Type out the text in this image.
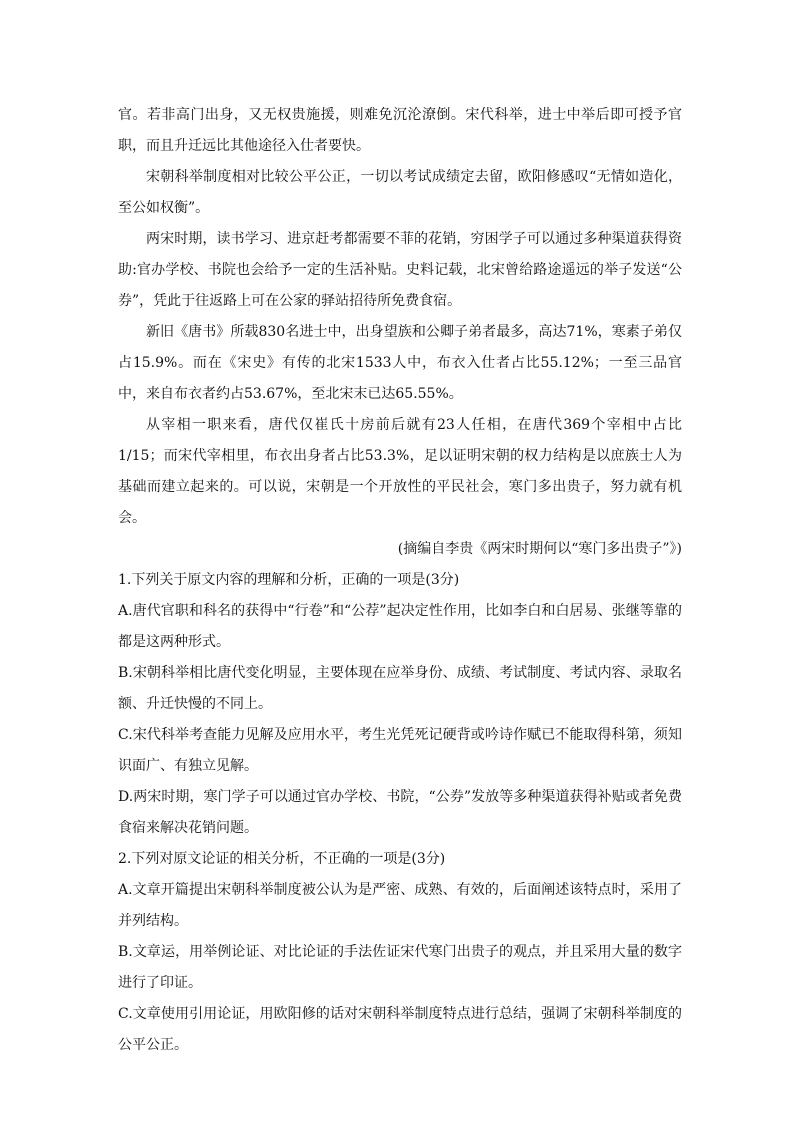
官。若非高门出身，又无权贵施援，则难免沉沦潦倒。宋代科举，进士中举后即可授予官职，而且升迁远比其他途径入仕者要快。

宋朝科举制度相对比较公平公正，一切以考试成绩定去留，欧阳修感叹“无情如造化，至公如权衡”。

两宋时期，读书学习、进京赶考都需要不菲的花销，穷困学子可以通过多种渠道获得资助:官办学校、书院也会给予一定的生活补贴。史料记载，北宋曾给路途遥远的举子发送“公券”，凭此于往返路上可在公家的驿站招待所免费食宿。

新旧《唐书》所载830名进士中，出身望族和公卿子弟者最多，高达71%，寒素子弟仅占15.9%。而在《宋史》有传的北宋1533人中，布衣入仕者占比55.12%；一至三品官中，来自布衣者约占53.67%，至北宋末已达65.55%。

从宰相一职来看，唐代仅崔氏十房前后就有23人任相，在唐代369个宰相中占比1/15；而宋代宰相里，布衣出身者占比53.3%，足以证明宋朝的权力结构是以庶族士人为基础而建立起来的。可以说，宋朝是一个开放性的平民社会，寒门多出贵子，努力就有机会。

(摘编自李贵《两宋时期何以“寒门多出贵子”》)

1.下列关于原文内容的理解和分析，正确的一项是(3分)

A.唐代官职和科名的获得中“行卷”和“公荐”起决定性作用，比如李白和白居易、张继等靠的都是这两种形式。

B.宋朝科举相比唐代变化明显，主要体现在应举身份、成绩、考试制度、考试内容、录取名额、升迁快慢的不同上。

C.宋代科举考查能力见解及应用水平，考生光凭死记硬背或吟诗作赋已不能取得科第，须知识面广、有独立见解。

D.两宋时期，寒门学子可以通过官办学校、书院，“公券”发放等多种渠道获得补贴或者免费食宿来解决花销问题。

2.下列对原文论证的相关分析，不正确的一项是(3分)

A.文章开篇提出宋朝科举制度被公认为是严密、成熟、有效的，后面阐述该特点时，采用了并列结构。

B.文章运，用举例论证、对比论证的手法佐证宋代寒门出贵子的观点，并且采用大量的数字进行了印证。

C.文章使用引用论证，用欧阳修的话对宋朝科举制度特点进行总结，强调了宋朝科举制度的公平公正。
